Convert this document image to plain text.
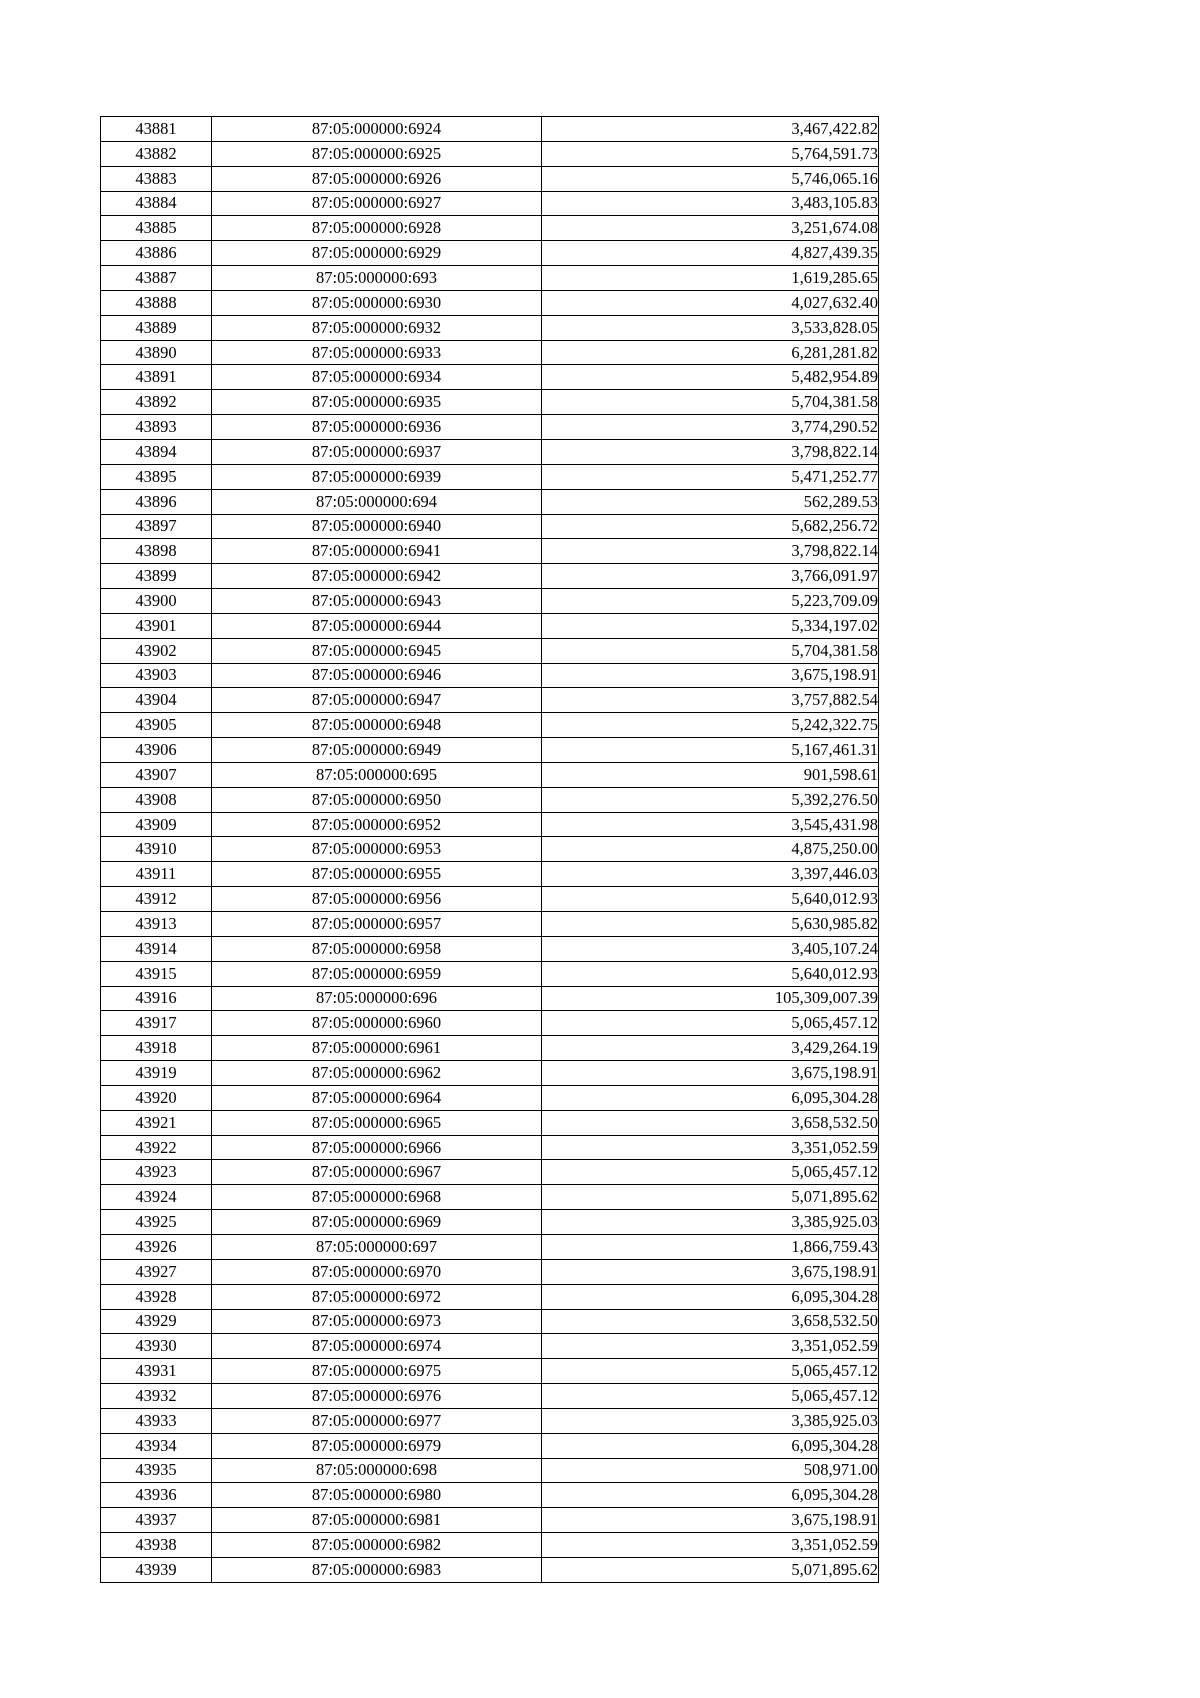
43881	87:05:000000:6924	3,467,422.82
43882	87:05:000000:6925	5,764,591.73
43883	87:05:000000:6926	5,746,065.16
43884	87:05:000000:6927	3,483,105.83
43885	87:05:000000:6928	3,251,674.08
43886	87:05:000000:6929	4,827,439.35
43887	87:05:000000:693	1,619,285.65
43888	87:05:000000:6930	4,027,632.40
43889	87:05:000000:6932	3,533,828.05
43890	87:05:000000:6933	6,281,281.82
43891	87:05:000000:6934	5,482,954.89
43892	87:05:000000:6935	5,704,381.58
43893	87:05:000000:6936	3,774,290.52
43894	87:05:000000:6937	3,798,822.14
43895	87:05:000000:6939	5,471,252.77
43896	87:05:000000:694	562,289.53
43897	87:05:000000:6940	5,682,256.72
43898	87:05:000000:6941	3,798,822.14
43899	87:05:000000:6942	3,766,091.97
43900	87:05:000000:6943	5,223,709.09
43901	87:05:000000:6944	5,334,197.02
43902	87:05:000000:6945	5,704,381.58
43903	87:05:000000:6946	3,675,198.91
43904	87:05:000000:6947	3,757,882.54
43905	87:05:000000:6948	5,242,322.75
43906	87:05:000000:6949	5,167,461.31
43907	87:05:000000:695	901,598.61
43908	87:05:000000:6950	5,392,276.50
43909	87:05:000000:6952	3,545,431.98
43910	87:05:000000:6953	4,875,250.00
43911	87:05:000000:6955	3,397,446.03
43912	87:05:000000:6956	5,640,012.93
43913	87:05:000000:6957	5,630,985.82
43914	87:05:000000:6958	3,405,107.24
43915	87:05:000000:6959	5,640,012.93
43916	87:05:000000:696	105,309,007.39
43917	87:05:000000:6960	5,065,457.12
43918	87:05:000000:6961	3,429,264.19
43919	87:05:000000:6962	3,675,198.91
43920	87:05:000000:6964	6,095,304.28
43921	87:05:000000:6965	3,658,532.50
43922	87:05:000000:6966	3,351,052.59
43923	87:05:000000:6967	5,065,457.12
43924	87:05:000000:6968	5,071,895.62
43925	87:05:000000:6969	3,385,925.03
43926	87:05:000000:697	1,866,759.43
43927	87:05:000000:6970	3,675,198.91
43928	87:05:000000:6972	6,095,304.28
43929	87:05:000000:6973	3,658,532.50
43930	87:05:000000:6974	3,351,052.59
43931	87:05:000000:6975	5,065,457.12
43932	87:05:000000:6976	5,065,457.12
43933	87:05:000000:6977	3,385,925.03
43934	87:05:000000:6979	6,095,304.28
43935	87:05:000000:698	508,971.00
43936	87:05:000000:6980	6,095,304.28
43937	87:05:000000:6981	3,675,198.91
43938	87:05:000000:6982	3,351,052.59
43939	87:05:000000:6983	5,071,895.62
